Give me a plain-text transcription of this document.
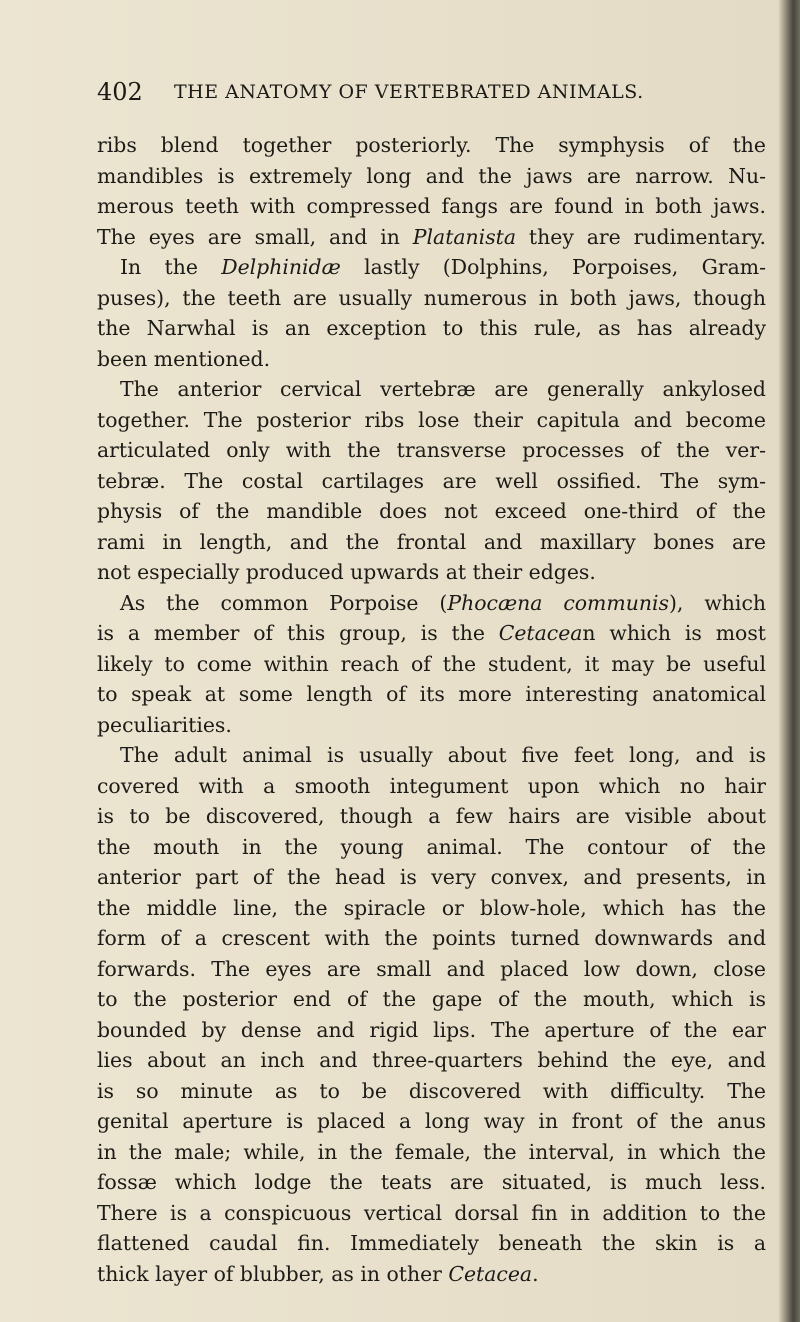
402 THE ANATOMY OF VERTEBRATED ANIMALS.
ribs blend together posteriorly. The symphysis of the
mandibles is extremely long and the jaws are narrow. Nu-
merous teeth with compressed fangs are found in both jaws.
The eyes are small, and in Platanista they are rudimentary.
In the Delphinidæ lastly (Dolphins, Porpoises, Gram-
puses), the teeth are usually numerous in both jaws, though
the Narwhal is an exception to this rule, as has already
been mentioned.
The anterior cervical vertebræ are generally ankylosed
together. The posterior ribs lose their capitula and become
articulated only with the transverse processes of the ver-
tebræ. The costal cartilages are well ossified. The sym-
physis of the mandible does not exceed one-third of the
rami in length, and the frontal and maxillary bones are
not especially produced upwards at their edges.
As the common Porpoise (Phocæna communis), which
is a member of this group, is the Cetacean which is most
likely to come within reach of the student, it may be useful
to speak at some length of its more interesting anatomical
peculiarities.
The adult animal is usually about five feet long, and is
covered with a smooth integument upon which no hair
is to be discovered, though a few hairs are visible about
the mouth in the young animal. The contour of the
anterior part of the head is very convex, and presents, in
the middle line, the spiracle or blow-hole, which has the
form of a crescent with the points turned downwards and
forwards. The eyes are small and placed low down, close
to the posterior end of the gape of the mouth, which is
bounded by dense and rigid lips. The aperture of the ear
lies about an inch and three-quarters behind the eye, and
is so minute as to be discovered with difficulty. The
genital aperture is placed a long way in front of the anus
in the male; while, in the female, the interval, in which the
fossæ which lodge the teats are situated, is much less.
There is a conspicuous vertical dorsal fin in addition to the
flattened caudal fin. Immediately beneath the skin is a
thick layer of blubber, as in other Cetacea.
